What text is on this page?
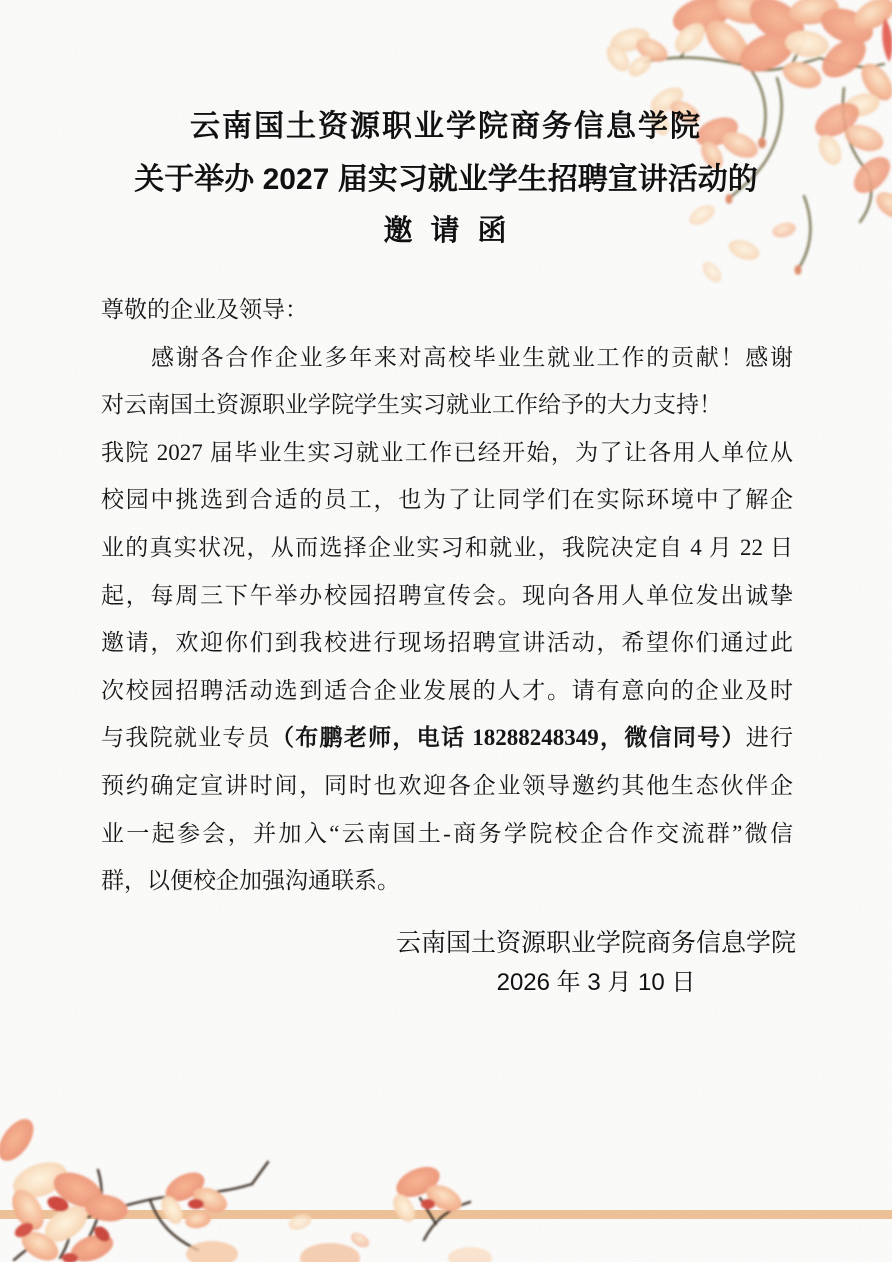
云南国土资源职业学院商务信息学院
关于举办 2027 届实习就业学生招聘宣讲活动的
邀 请 函
尊敬的企业及领导：
感谢各合作企业多年来对高校毕业生就业工作的贡献！感谢
对云南国土资源职业学院学生实习就业工作给予的大力支持！
我院 2027 届毕业生实习就业工作已经开始，为了让各用人单位从
校园中挑选到合适的员工，也为了让同学们在实际环境中了解企
业的真实状况，从而选择企业实习和就业，我院决定自 4 月 22 日
起，每周三下午举办校园招聘宣传会。现向各用人单位发出诚挚
邀请，欢迎你们到我校进行现场招聘宣讲活动，希望你们通过此
次校园招聘活动选到适合企业发展的人才。请有意向的企业及时
与我院就业专员（布鹏老师，电话 18288248349，微信同号）进行
预约确定宣讲时间，同时也欢迎各企业领导邀约其他生态伙伴企
业一起参会，并加入“云南国土-商务学院校企合作交流群”微信
群，以便校企加强沟通联系。
云南国土资源职业学院商务信息学院
2026 年 3 月 10 日
